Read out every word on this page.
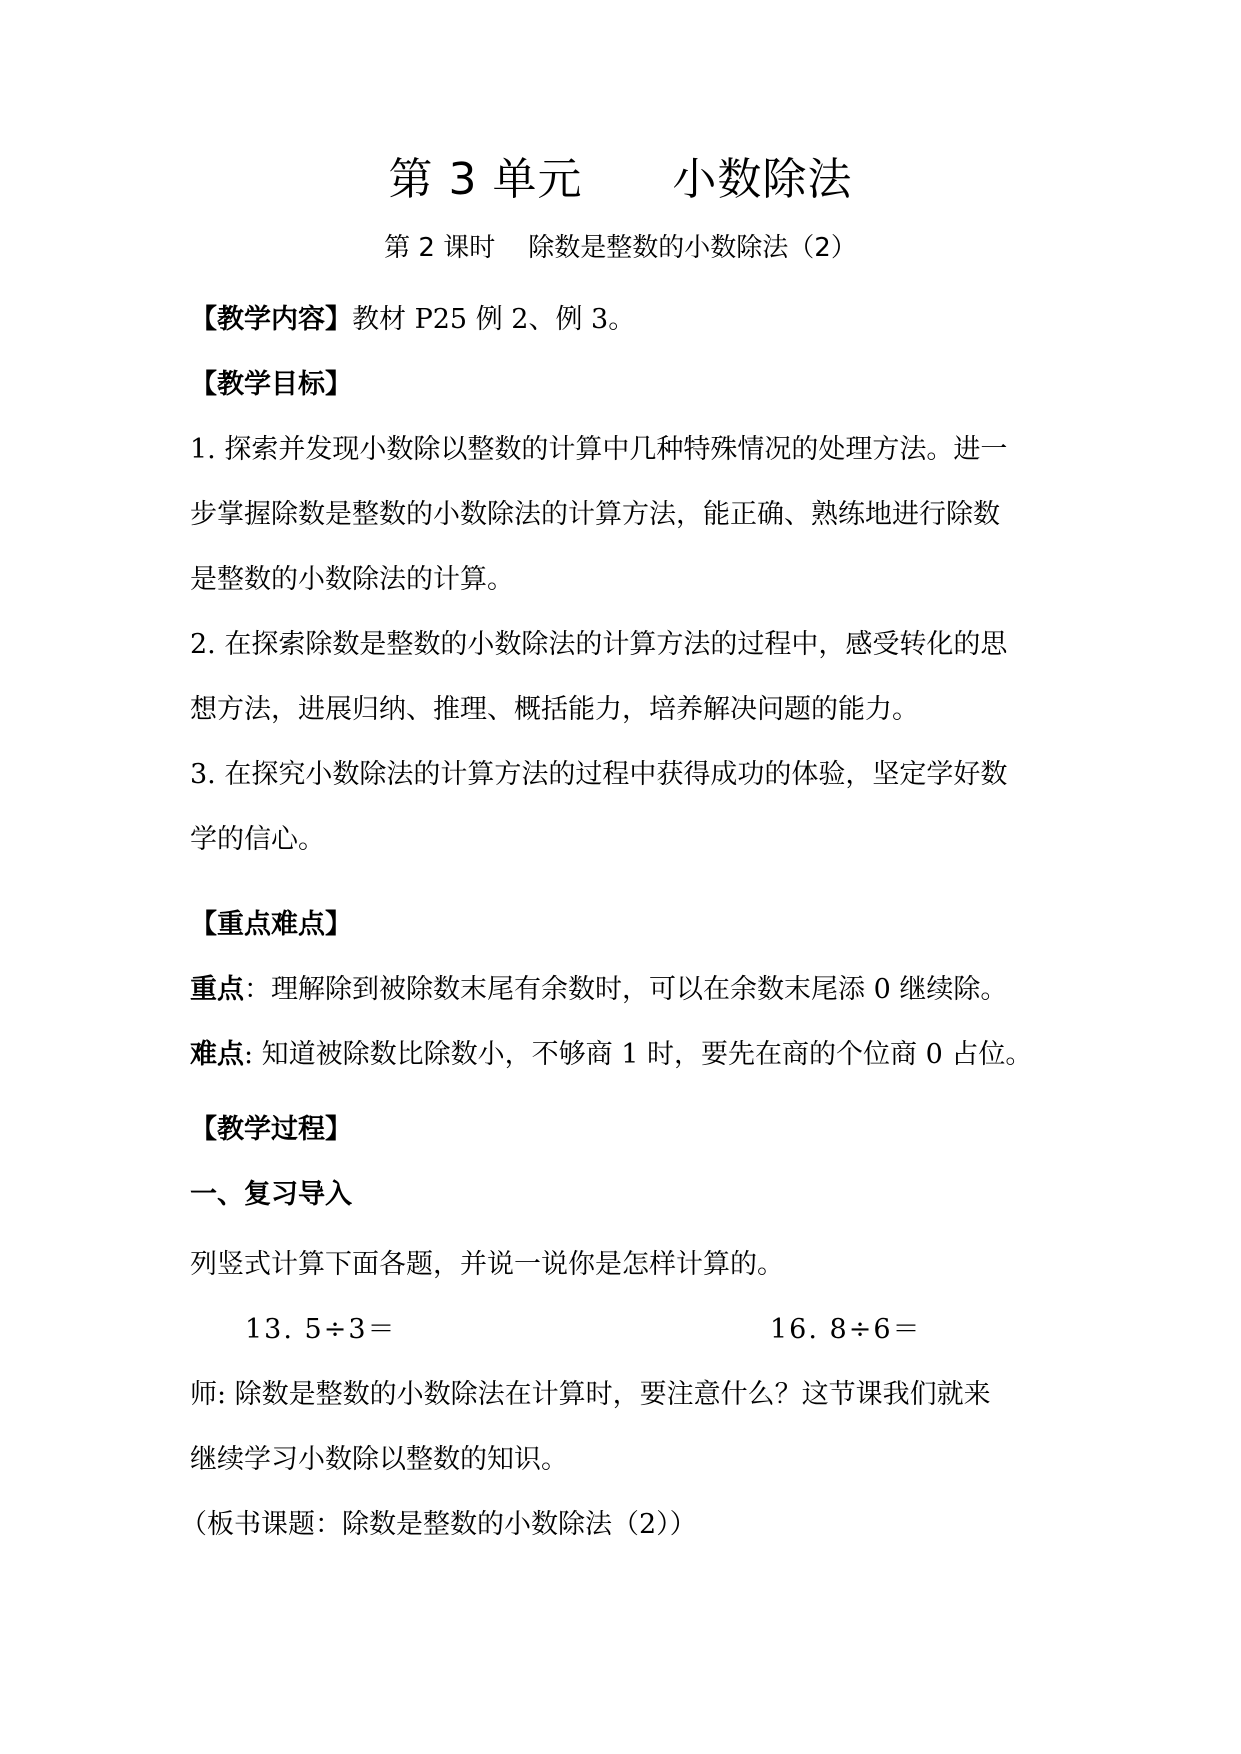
第 3 单元      小数除法
第 2 课时    除数是整数的小数除法（2）
【教学内容】教材 P25 例 2、例 3。
【教学目标】
1. 探索并发现小数除以整数的计算中几种特殊情况的处理方法。进一
步掌握除数是整数的小数除法的计算方法，能正确、熟练地进行除数
是整数的小数除法的计算。
2. 在探索除数是整数的小数除法的计算方法的过程中，感受转化的思
想方法，进展归纳、推理、概括能力，培养解决问题的能力。
3. 在探究小数除法的计算方法的过程中获得成功的体验，坚定学好数
学的信心。
【重点难点】
重点：理解除到被除数末尾有余数时，可以在余数末尾添 0 继续除。
难点: 知道被除数比除数小，不够商 1 时，要先在商的个位商 0 占位。
【教学过程】
一、复习导入
列竖式计算下面各题，并说一说你是怎样计算的。
13. 5÷3＝	16. 8÷6＝
师: 除数是整数的小数除法在计算时，要注意什么？这节课我们就来
继续学习小数除以整数的知识。
（板书课题：除数是整数的小数除法（2））
